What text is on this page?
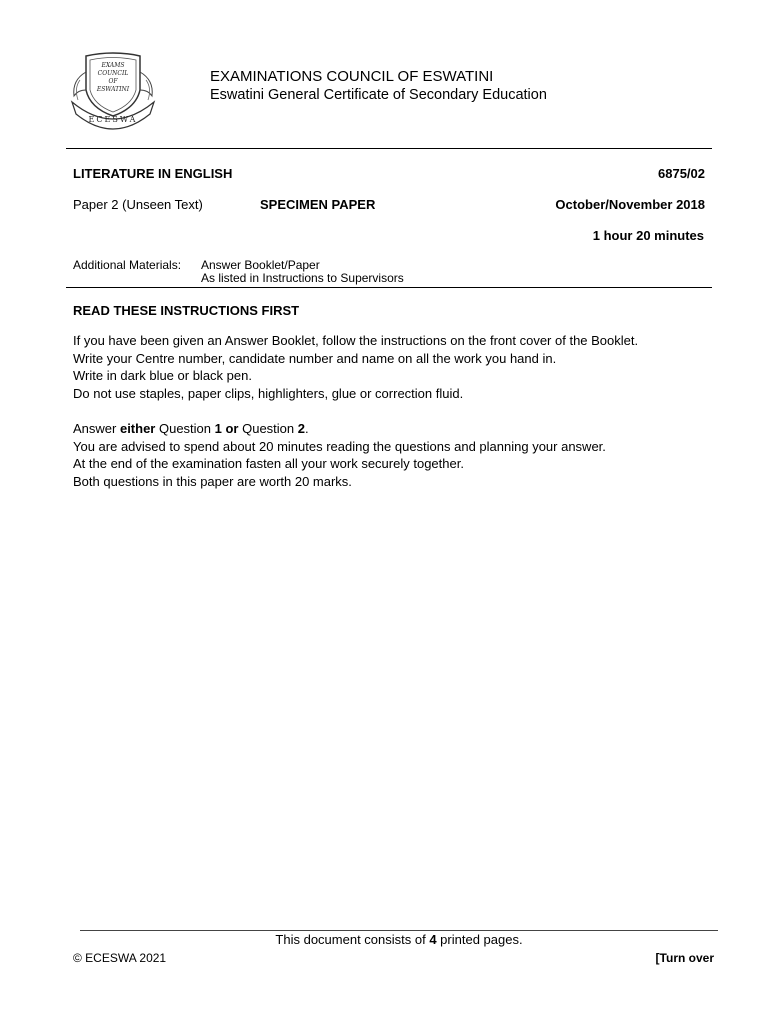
EXAMS
COUNCIL
OF
ESWATINI
ECESWA
EXAMINATIONS COUNCIL OF ESWATINI
Eswatini General Certificate of Secondary Education
LITERATURE IN ENGLISH	6875/02
Paper 2 (Unseen Text)	SPECIMEN PAPER	October/November 2018
1 hour 20 minutes
Additional Materials: Answer Booklet/Paper
As listed in Instructions to Supervisors
READ THESE INSTRUCTIONS FIRST
If you have been given an Answer Booklet, follow the instructions on the front cover of the Booklet.
Write your Centre number, candidate number and name on all the work you hand in.
Write in dark blue or black pen.
Do not use staples, paper clips, highlighters, glue or correction fluid.
Answer either Question 1 or Question 2.
You are advised to spend about 20 minutes reading the questions and planning your answer.
At the end of the examination fasten all your work securely together.
Both questions in this paper are worth 20 marks.
This document consists of 4 printed pages.
© ECESWA 2021	[Turn over
